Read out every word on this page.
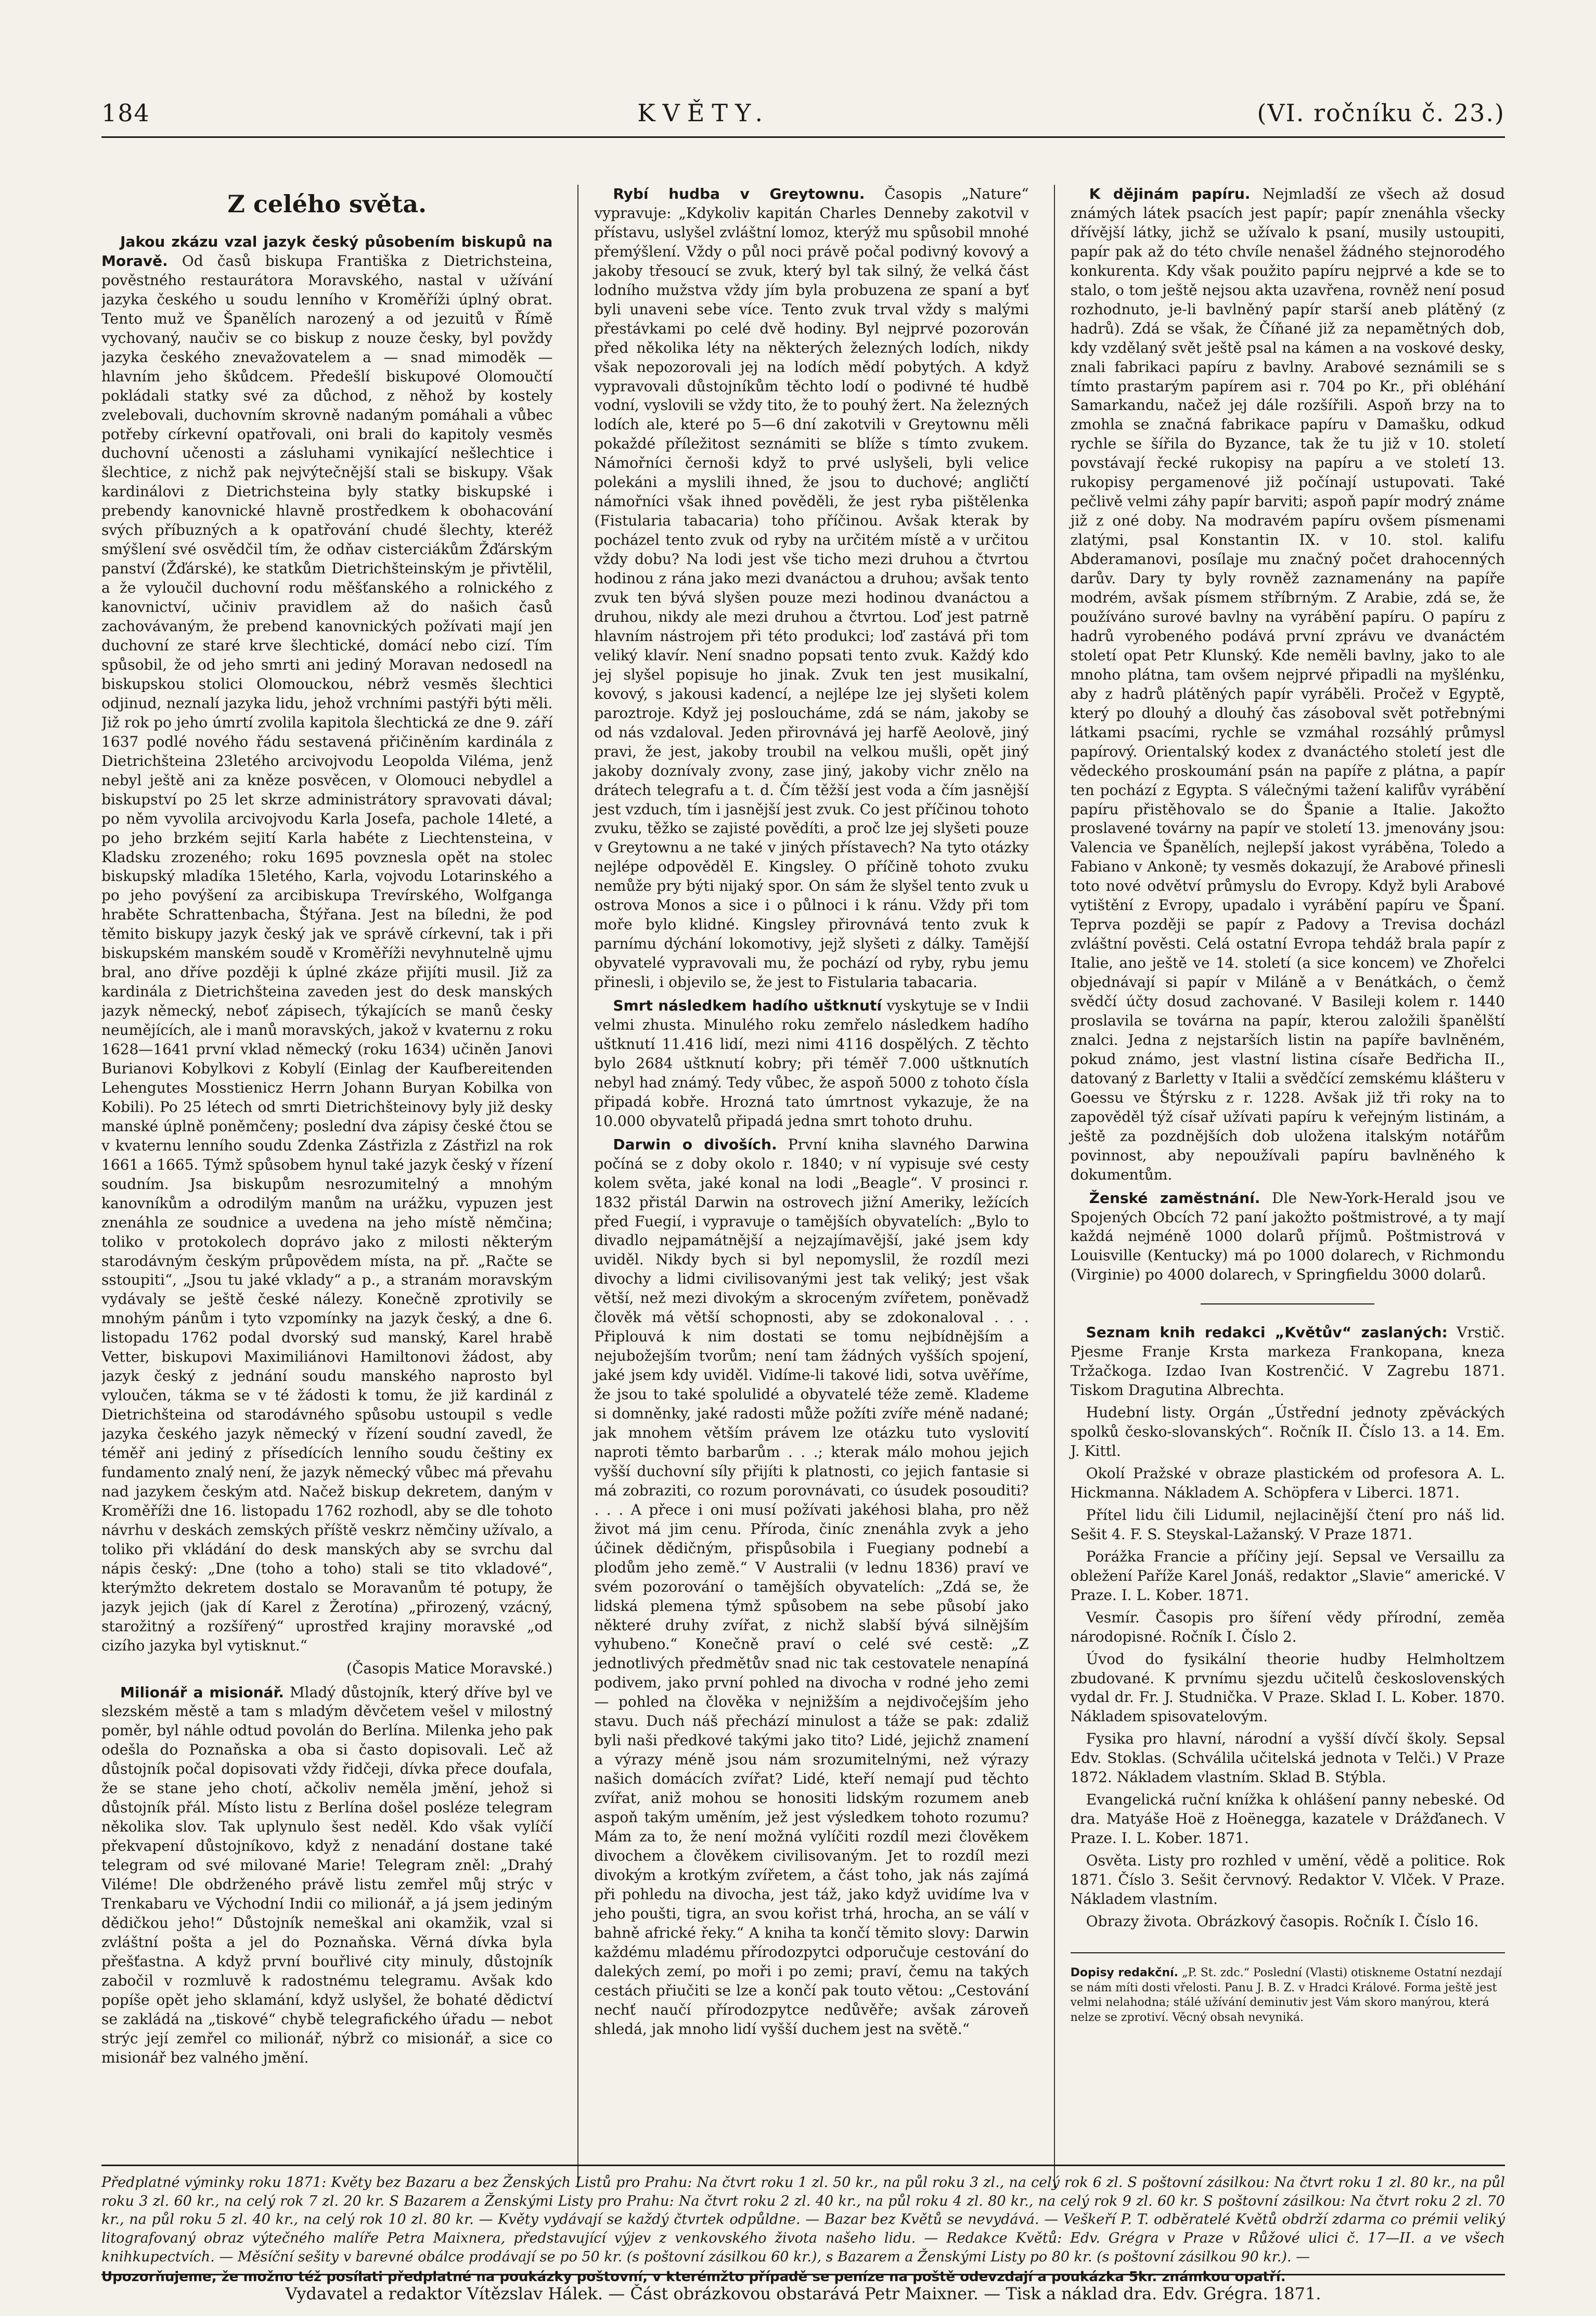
184	KVĚTY.	(VI. ročníku č. 23.)
Z celého světa.

Jakou zkázu vzal jazyk český působením biskupů na Moravě. Od časů biskupa Františka z Dietrichsteina, pověstného restaurátora Moravského, nastal v užívání jazyka českého u soudu lenního v Kroměříži úplný obrat. Tento muž ve Španělích narozený a od jezuitů v Římě vychovaný, naučiv se co biskup z nouze česky, byl povždy jazyka českého znevažovatelem a — snad mimoděk — hlavním jeho škůdcem. Předešlí biskupové Olomoučtí pokládali statky své za důchod, z něhož by kostely zvelebovali, duchovním skrovně nadaným pomáhali a vůbec potřeby církevní opatřovali, oni brali do kapitoly vesměs duchovní učenosti a zásluhami vynikající nešlechtice i šlechtice, z nichž pak nejvýtečnější stali se biskupy. Však kardinálovi z Dietrichsteina byly statky biskupské i prebendy kanovnické hlavně prostředkem k obohacování svých příbuzných a k opatřování chudé šlechty, kteréž smýšlení své osvědčil tím, že odňav cisterciákům Žďárským panství (Žďárské), ke statkům Dietrichšteinským je přivtělil, a že vyloučil duchovní rodu měšťanského a rolnického z kanovnictví, učiniv pravidlem až do našich časů zachovávaným, že prebend kanovnických požívati mají jen duchovní ze staré krve šlechtické, domácí nebo cizí. Tím spůsobil, že od jeho smrti ani jediný Moravan nedosedl na biskupskou stolici Olomouckou, nébrž vesměs šlechtici odjinud, neznalí jazyka lidu, jehož vrchními pastýři býti měli. Již rok po jeho úmrtí zvolila kapitola šlechtická ze dne 9. září 1637 podlé nového řádu sestavená přičiněním kardinála z Dietrichšteina 23letého arcivojvodu Leopolda Viléma, jenž nebyl ještě ani za kněze posvěcen, v Olomouci nebydlel a biskupství po 25 let skrze administrátory spravovati dával; po něm vyvolila arcivojvodu Karla Josefa, pachole 14leté, a po jeho brzkém sejití Karla habéte z Liechtensteina, v Kladsku zrozeného; roku 1695 povznesla opět na stolec biskupský mladíka 15letého, Karla, vojvodu Lotarinského a po jeho povýšení za arcibiskupa Trevírského, Wolfganga hraběte Schrattenbacha, Štýřana. Jest na bíledni, že pod těmito biskupy jazyk český jak ve správě církevní, tak i při biskupském manském soudě v Kroměříži nevyhnutelně ujmu bral, ano dříve později k úplné zkáze přijíti musil. Již za kardinála z Dietrichšteina zaveden jest do desk manských jazyk německý, neboť zápisech, týkajících se manů česky neumějících, ale i manů moravských, jakož v kvaternu z roku 1628—1641 první vklad německý (roku 1634) učiněn Janovi Burianovi Kobylkovi z Kobylí (Einlag der Kaufbereitenden Lehengutes Mosstienicz Herrn Johann Buryan Kobilka von Kobili). Po 25 létech od smrti Dietrichšteinovy byly již desky manské úplně poněmčeny; poslední dva zápisy české čtou se v kvaternu lenního soudu Zdenka Zástřizla z Zástřizl na rok 1661 a 1665. Týmž spůsobem hynul také jazyk český v řízení soudním. Jsa biskupům nesrozumitelný a mnohým kanovníkům a odrodilým manům na urážku, vypuzen jest znenáhla ze soudnice a uvedena na jeho místě němčina; toliko v protokolech doprávo jako z milosti některým starodávným českým průpovědem místa, na př. „Račte se sstoupiti“, „Jsou tu jaké vklady“ a p., a stranám moravským vydávaly se ještě české nálezy. Konečně zprotivily se mnohým pánům i tyto vzpomínky na jazyk český, a dne 6. listopadu 1762 podal dvorský sud manský, Karel hrabě Vetter, biskupovi Maximiliánovi Hamiltonovi žádost, aby jazyk český z jednání soudu manského naprosto byl vyloučen, tákma se v té žádosti k tomu, že již kardinál z Dietrichšteina od starodávného spůsobu ustoupil s vedle jazyka českého jazyk německý v řízení soudní zavedl, že téměř ani jediný z přísedících lenního soudu češtiny ex fundamento znalý není, že jazyk německý vůbec má převahu nad jazykem českým atd. Načež biskup dekretem, daným v Kroměříži dne 16. listopadu 1762 rozhodl, aby se dle tohoto návrhu v deskách zemských příště veskrz němčiny užívalo, a toliko při vkládání do desk manských aby se svrchu dal nápis český: „Dne (toho a toho) stali se tito vkladové“, kterýmžto dekretem dostalo se Moravanům té potupy, že jazyk jejich (jak dí Karel z Žerotína) „přirozený, vzácný, starožitný a rozšířený“ uprostřed krajiny moravské „od cizího jazyka byl vytisknut.“

(Časopis Matice Moravské.)

Milionář a misionář. Mladý důstojník, který dříve byl ve slezském městě a tam s mladým děvčetem vešel v milostný poměr, byl náhle odtud povolán do Berlína. Milenka jeho pak odešla do Poznaňska a oba si často dopisovali. Leč až důstojník počal dopisovati vždy řidčeji, dívka přece doufala, že se stane jeho chotí, ačkoliv neměla jmění, jehož si důstojník přál. Místo listu z Berlína došel posléze telegram několika slov. Tak uplynulo šest neděl. Kdo však vylíčí překvapení důstojníkovo, když z nenadání dostane také telegram od své milované Marie! Telegram zněl: „Drahý Viléme! Dle obdrženého právě listu zemřel můj strýc v Trenkabaru ve Východní Indii co milionář, a já jsem jediným dědičkou jeho!“ Důstojník nemeškal ani okamžik, vzal si zvláštní pošta a jel do Poznaňska. Věrná dívka byla přešťastna. A když první bouřlivé city minuly, důstojník zabočil v rozmluvě k radostnému telegramu. Avšak kdo popíše opět jeho sklamání, když uslyšel, že bohaté dědictví se zakládá na „tiskové“ chybě telegrafického úřadu — nebot strýc její zemřel co milionář, nýbrž co misionář, a sice co misionář bez valného jmění.

Rybí hudba v Greytownu. Časopis „Nature“ vypravuje: „Kdykoliv kapitán Charles Denneby zakotvil v přístavu, uslyšel zvláštní lomoz, kterýž mu spůsobil mnohé přemýšlení. Vždy o půl noci právě počal podivný kovový a jakoby třesoucí se zvuk, který byl tak silný, že velká část lodního mužstva vždy jím byla probuzena ze spaní a byť byli unaveni sebe více. Tento zvuk trval vždy s malými přestávkami po celé dvě hodiny. Byl nejprvé pozorován před několika léty na některých železných lodích, nikdy však nepozorovali jej na lodích mědí pobytých. A když vypravovali důstojníkům těchto lodí o podivné té hudbě vodní, vyslovili se vždy tito, že to pouhý žert. Na železných lodích ale, které po 5—6 dní zakotvili v Greytownu měli pokaždé příležitost seznámiti se blíže s tímto zvukem. Námořníci černoši když to prvé uslyšeli, byli velice polekáni a myslili ihned, že jsou to duchové; angličtí námořníci však ihned pověděli, že jest ryba pištělenka (Fistularia tabacaria) toho příčinou. Avšak kterak by pocházel tento zvuk od ryby na určitém místě a v určitou vždy dobu? Na lodi jest vše ticho mezi druhou a čtvrtou hodinou z rána jako mezi dvanáctou a druhou; avšak tento zvuk ten bývá slyšen pouze mezi hodinou dvanáctou a druhou, nikdy ale mezi druhou a čtvrtou. Loď jest patrně hlavním nástrojem při této produkci; loď zastává při tom veliký klavír. Není snadno popsati tento zvuk. Každý kdo jej slyšel popisuje ho jinak. Zvuk ten jest musikalní, kovový, s jakousi kadencí, a nejlépe lze jej slyšeti kolem paroztroje. Když jej posloucháme, zdá se nám, jakoby se od nás vzdaloval. Jeden přirovnává jej harfě Aeolově, jiný pravi, že jest, jakoby troubil na velkou mušli, opět jiný jakoby doznívaly zvony, zase jiný, jakoby vichr znělo na drátech telegrafu a t. d. Čím těžší jest voda a čím jasnější jest vzduch, tím i jasnější jest zvuk. Co jest příčinou tohoto zvuku, těžko se zajisté povědíti, a proč lze jej slyšeti pouze v Greytownu a ne také v jiných přístavech? Na tyto otázky nejlépe odpověděl E. Kingsley. O příčině tohoto zvuku nemůže pry býti nijaký spor. On sám že slyšel tento zvuk u ostrova Monos a sice i o půlnoci i k ránu. Vždy při tom moře bylo klidné. Kingsley přirovnává tento zvuk k parnímu dýchání lokomotivy, jejž slyšeti z dálky. Tamější obyvatelé vypravovali mu, že pochází od ryby, rybu jemu přinesli, i objevilo se, že jest to Fistularia tabacaria.

Smrt následkem hadího uštknutí vyskytuje se v Indii velmi zhusta. Minulého roku zemřelo následkem hadího uštknutí 11.416 lidí, mezi nimi 4116 dospělých. Z těchto bylo 2684 uštknutí kobry; při téměř 7.000 uštknutích nebyl had známý. Tedy vůbec, že aspoň 5000 z tohoto čísla připadá kobře. Hrozná tato úmrtnost vykazuje, že na 10.000 obyvatelů připadá jedna smrt tohoto druhu.

Darwin o divoších. První kniha slavného Darwina počíná se z doby okolo r. 1840; v ní vypisuje své cesty kolem světa, jaké konal na lodi „Beagle“. V prosinci r. 1832 přistál Darwin na ostrovech jižní Ameriky, ležících před Fuegií, i vypravuje o tamějších obyvatelích: „Bylo to divadlo nejpamátnější a nejzajímavější, jaké jsem kdy uviděl. Nikdy bych si byl nepomyslil, že rozdíl mezi divochy a lidmi civilisovanými jest tak veliký; jest však větší, než mezi divokým a skroceným zvířetem, poněvadž člověk má větší schopnosti, aby se zdokonaloval . . . Připlouvá k nim dostati se tomu nejbídnějším a nejubožejším tvorům; není tam žádných vyšších spojení, jaké jsem kdy uviděl. Vidíme-li takové lidi, sotva uvěříme, že jsou to také spolulidé a obyvatelé téže země. Klademe si domněnky, jaké radosti může požíti zvíře méně nadané; jak mnohem větším právem lze otázku tuto vyslovití naproti těmto barbarům . . .; kterak málo mohou jejich vyšší duchovní síly přijíti k platnosti, co jejich fantasie si má zobraziti, co rozum porovnávati, co úsudek posouditi? . . . A přece i oni musí požívati jakéhosi blaha, pro něž život má jim cenu. Příroda, činíc znenáhla zvyk a jeho účinek dědičným, přispůsobila i Fuegiany podnebí a plodům jeho země.“ V Australii (v lednu 1836) praví ve svém pozorování o tamějších obyvatelích: „Zdá se, že lidská plemena týmž spůsobem na sebe působí jako některé druhy zvířat, z nichž slabší bývá silnějším vyhubeno.“ Konečně praví o celé své cestě: „Z jednotlivých předmětův snad nic tak cestovatele nenapíná podivem, jako první pohled na divocha v rodné jeho zemi — pohled na člověka v nejnižším a nejdivočejším jeho stavu. Duch náš přechází minulost a táže se pak: zdaliž byli naši předkové takými jako tito? Lidé, jejichž znamení a výrazy méně jsou nám srozumitelnými, než výrazy našich domácích zvířat? Lidé, kteří nemají pud těchto zvířat, aniž mohou se honositi lidským rozumem aneb aspoň takým uměním, jež jest výsledkem tohoto rozumu? Mám za to, že není možná vylíčiti rozdíl mezi člověkem divochem a člověkem civilisovaným. Jet to rozdíl mezi divokým a krotkým zvířetem, a část toho, jak nás zajímá při pohledu na divocha, jest táž, jako když uvidíme lva v jeho poušti, tigra, an svou kořist trhá, hrocha, an se válí v bahně africké řeky.“ A kniha ta končí těmito slovy: Darwin každému mladému přírodozpytci odporučuje cestování do dalekých zemí, po moři i po zemi; praví, čemu na takých cestách přiučiti se lze a končí pak touto větou: „Cestování nechť naučí přírodozpytce nedůvěře; avšak zároveň shledá, jak mnoho lidí vyšší duchem jest na světě.“

K dějinám papíru. Nejmladší ze všech až dosud známých látek psacích jest papír; papír znenáhla všecky dřívější látky, jichž se užívalo k psaní, musily ustoupiti, papír pak až do této chvíle nenašel žádného stejnorodého konkurenta. Kdy však použito papíru nejprvé a kde se to stalo, o tom ještě nejsou akta uzavřena, rovněž není posud rozhodnuto, je-li bavlněný papír starší aneb plátěný (z hadrů). Zdá se však, že Číňané již za nepamětných dob, kdy vzdělaný svět ještě psal na kámen a na voskové desky, znali fabrikaci papíru z bavlny. Arabové seznámili se s tímto prastarým papírem asi r. 704 po Kr., při obléhání Samarkandu, načež jej dále rozšířili. Aspoň brzy na to zmohla se značná fabrikace papíru v Damašku, odkud rychle se šířila do Byzance, tak že tu již v 10. století povstávají řecké rukopisy na papíru a ve století 13. rukopisy pergamenové již počínají ustupovati. Také pečlivě velmi záhy papír barviti; aspoň papír modrý známe již z oné doby. Na modravém papíru ovšem písmenami zlatými, psal Konstantin IX. v 10. stol. kalifu Abderamanovi, posílaje mu značný počet drahocenných darův. Dary ty byly rovněž zaznamenány na papíře modrém, avšak písmem stříbrným. Z Arabie, zdá se, že používáno surové bavlny na vyrábění papíru. O papíru z hadrů vyrobeného podává první zprávu ve dvanáctém století opat Petr Klunský. Kde neměli bavlny, jako to ale mnoho plátna, tam ovšem nejprvé připadli na myšlénku, aby z hadrů plátěných papír vyráběli. Pročež v Egyptě, který po dlouhý a dlouhý čas zásoboval svět potřebnými látkami psacími, rychle se vzmáhal rozsáhlý průmysl papírový. Orientalský kodex z dvanáctého století jest dle vědeckého proskoumání psán na papíře z plátna, a papír ten pochází z Egypta. S válečnými tažení kalifův vyrábění papíru přistěhovalo se do Španie a Italie. Jakožto proslavené továrny na papír ve století 13. jmenovány jsou: Valencia ve Španělích, nejlepší jakost vyráběna, Toledo a Fabiano v Ankoně; ty vesměs dokazují, že Arabové přinesli toto nové odvětví průmyslu do Evropy. Když byli Arabové vytištění z Evropy, upadalo i vyrábění papíru ve Španí. Teprva později se papír z Padovy a Trevisa docházl zvláštní pověsti. Celá ostatní Evropa tehdáž brala papír z Italie, ano ještě ve 14. století (a sice koncem) ve Zhořelci objednávají si papír v Miláně a v Benátkách, o čemž svědčí účty dosud zachované. V Basileji kolem r. 1440 proslavila se továrna na papír, kterou založili španělští znalci. Jedna z nejstarších listin na papíře bavlněném, pokud známo, jest vlastní listina císaře Bedřicha II., datovaný z Barletty v Italii a svědčící zemskému klášteru v Goessu ve Štýrsku z r. 1228. Avšak již tři roky na to zapověděl týž císař užívati papíru k veřejným listinám, a ještě za pozdnějších dob uložena italským notářům povinnost, aby nepoužívali papíru bavlněného k dokumentům.

Ženské zaměstnání. Dle New-York-Herald jsou ve Spojených Obcích 72 paní jakožto poštmistrové, a ty mají každá nejméně 1000 dolarů příjmů. Poštmistrová v Louisville (Kentucky) má po 1000 dolarech, v Richmondu (Virginie) po 4000 dolarech, v Springfieldu 3000 dolarů.

Seznam knih redakci „Květův“ zaslaných: Vrstič. Pjesme Franje Krsta markeza Frankopana, kneza Tržačkoga. Izdao Ivan Kostrenčić. V Zagrebu 1871. Tiskom Dragutina Albrechta.

Hudební listy. Orgán „Ústřední jednoty zpěváckých spolků česko-slovanských“. Ročník II. Číslo 13. a 14. Em. J. Kittl.

Okolí Pražské v obraze plastickém od profesora A. L. Hickmanna. Nákladem A. Schöpfera v Liberci. 1871.

Přítel lidu čili Lidumil, nejlacinější čtení pro náš lid. Sešit 4. F. S. Steyskal-Lažanský. V Praze 1871.

Porážka Francie a příčiny její. Sepsal ve Versaillu za obležení Paříže Karel Jonáš, redaktor „Slavie“ americké. V Praze. I. L. Kober. 1871.

Vesmír. Časopis pro šíření vědy přírodní, zeměa národopisné. Ročník I. Číslo 2.

Úvod do fysikální theorie hudby Helmholtzem zbudované. K prvnímu sjezdu učitelů československých vydal dr. Fr. J. Studnička. V Praze. Sklad I. L. Kober. 1870. Nákladem spisovatelovým.

Fysika pro hlavní, národní a vyšší dívčí školy. Sepsal Edv. Stoklas. (Schválila učitelská jednota v Telči.) V Praze 1872. Nákladem vlastním. Sklad B. Stýbla.

Evangelická ruční knížka k ohlášení panny nebeské. Od dra. Matyáše Hoë z Hoënegga, kazatele v Drážďanech. V Praze. I. L. Kober. 1871.

Osvěta. Listy pro rozhled v umění, vědě a politice. Rok 1871. Číslo 3. Sešit červnový. Redaktor V. Vlček. V Praze. Nákladem vlastním.

Obrazy života. Obrázkový časopis. Ročník I. Číslo 16.

Dopisy redakční. „P. St. zdc.“ Poslední (Vlasti) otiskneme Ostatní nezdají se nám míti dosti vřelosti. Panu J. B. Z. v Hradci Králové. Forma ještě jest velmi nelahodna; stálé užívání deminutiv jest Vám skoro manýrou, která nelze se zprotiví. Věcný obsah nevyniká.
Předplatné výminky roku 1871: Květy bez Bazaru a bez Ženských Listů pro Prahu: Na čtvrt roku 1 zl. 50 kr., na půl roku 3 zl., na celý rok 6 zl. S poštovní zásilkou: Na čtvrt roku 1 zl. 80 kr., na půl roku 3 zl. 60 kr., na celý rok 7 zl. 20 kr. S Bazarem a Ženskými Listy pro Prahu: Na čtvrt roku 2 zl. 40 kr., na půl roku 4 zl. 80 kr., na celý rok 9 zl. 60 kr. S poštovní zásilkou: Na čtvrt roku 2 zl. 70 kr., na půl roku 5 zl. 40 kr., na celý rok 10 zl. 80 kr. — Květy vydávají se každý čtvrtek odpůldne. — Bazar bez Květů se nevydává. — Veškeří P. T. odběratelé Květů obdrží zdarma co prémii veliký litografovaný obraz výtečného malíře Petra Maixnera, představující výjev z venkovského života našeho lidu. — Redakce Květů: Edv. Grégra v Praze v Růžové ulici č. 17—II. a ve všech knihkupectvích. — Měsíční sešity v barevné obálce prodávají se po 50 kr. (s poštovní zásilkou 60 kr.), s Bazarem a Ženskými Listy po 80 kr. (s poštovní zásilkou 90 kr.). —
Upozorňujeme, že možno též posílati předplatné na poukázky poštovní, v kterémžto případě se peníze na poště odevzdají a poukázka 5kr. známkou opatří.
Vydavatel a redaktor Vítězslav Hálek. — Část obrázkovou obstarává Petr Maixner. — Tisk a náklad dra. Edv. Grégra. 1871.
